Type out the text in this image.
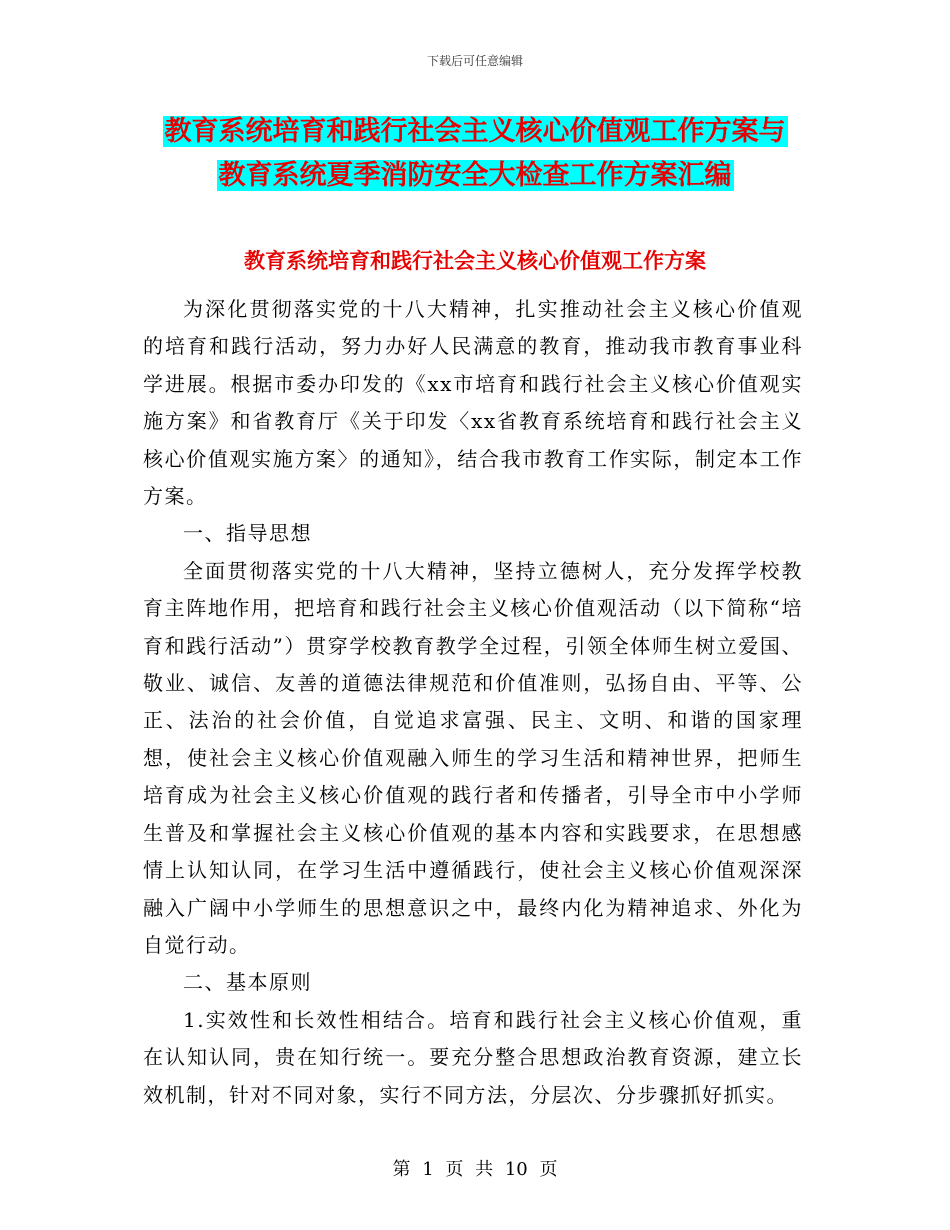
下载后可任意编辑
教育系统培育和践行社会主义核心价值观工作方案与
教育系统夏季消防安全大检查工作方案汇编
教育系统培育和践行社会主义核心价值观工作方案

为深化贯彻落实党的十八大精神，扎实推动社会主义核心价值观的培育和践行活动，努力办好人民满意的教育，推动我市教育事业科学进展。根据市委办印发的《xx市培育和践行社会主义核心价值观实施方案》和省教育厅《关于印发〈xx省教育系统培育和践行社会主义核心价值观实施方案〉的通知》，结合我市教育工作实际，制定本工作方案。

一、指导思想

全面贯彻落实党的十八大精神，坚持立德树人，充分发挥学校教育主阵地作用，把培育和践行社会主义核心价值观活动（以下简称“培育和践行活动”）贯穿学校教育教学全过程，引领全体师生树立爱国、敬业、诚信、友善的道德法律规范和价值准则，弘扬自由、平等、公正、法治的社会价值，自觉追求富强、民主、文明、和谐的国家理想，使社会主义核心价值观融入师生的学习生活和精神世界，把师生培育成为社会主义核心价值观的践行者和传播者，引导全市中小学师生普及和掌握社会主义核心价值观的基本内容和实践要求，在思想感情上认知认同，在学习生活中遵循践行，使社会主义核心价值观深深融入广阔中小学师生的思想意识之中，最终内化为精神追求、外化为自觉行动。

二、基本原则

1.实效性和长效性相结合。培育和践行社会主义核心价值观，重在认知认同，贵在知行统一。要充分整合思想政治教育资源，建立长效机制，针对不同对象，实行不同方法，分层次、分步骤抓好抓实。

第 1 页 共 10 页
